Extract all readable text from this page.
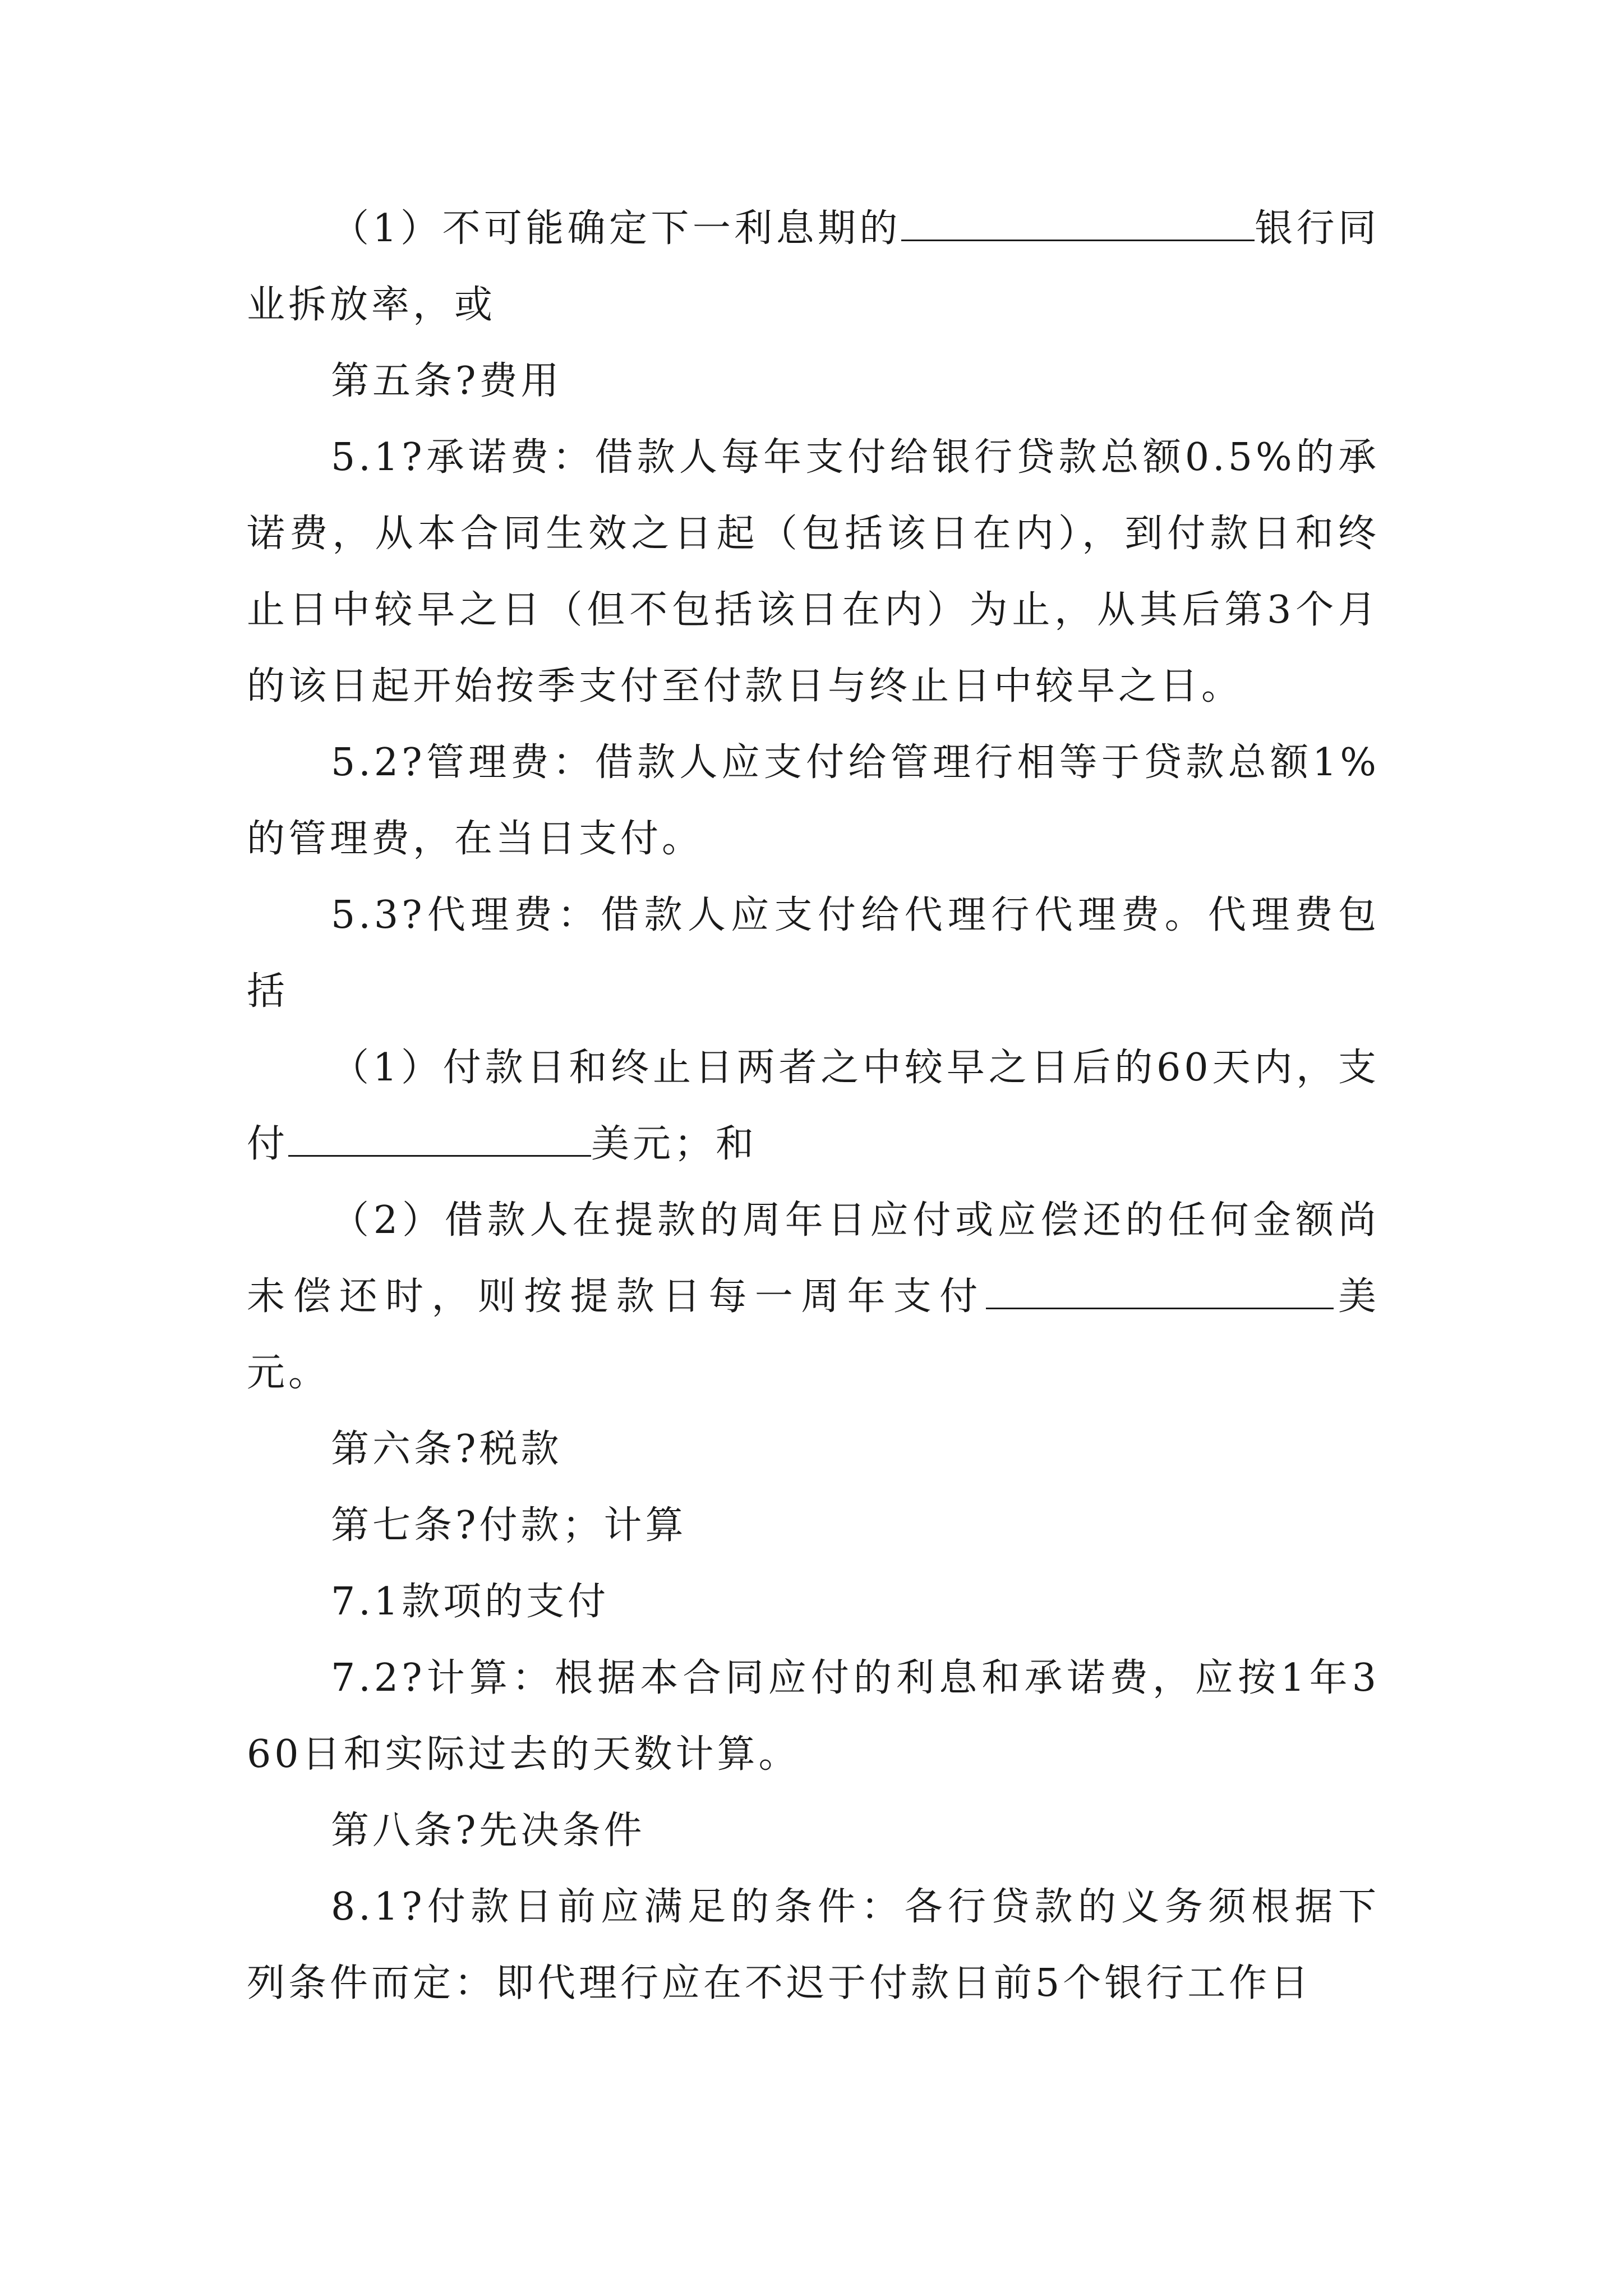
（1）不可能确定下一利息期的	银行同业拆放率，或

第五条?费用

5.1?承诺费：借款人每年支付给银行贷款总额0.5%的承诺费，从本合同生效之日起（包括该日在内），到付款日和终止日中较早之日（但不包括该日在内）为止，从其后第3个月的该日起开始按季支付至付款日与终止日中较早之日。

5.2?管理费：借款人应支付给管理行相等于贷款总额1%的管理费，在当日支付。

5.3?代理费：借款人应支付给代理行代理费。代理费包括

（1）付款日和终止日两者之中较早之日后的60天内，支付	美元；和

（2）借款人在提款的周年日应付或应偿还的任何金额尚未偿还时，则按提款日每一周年支付	美元。

第六条?税款

第七条?付款；计算

7.1款项的支付

7.2?计算：根据本合同应付的利息和承诺费，应按1年360日和实际过去的天数计算。

第八条?先决条件

8.1?付款日前应满足的条件：各行贷款的义务须根据下列条件而定：即代理行应在不迟于付款日前5个银行工作日
